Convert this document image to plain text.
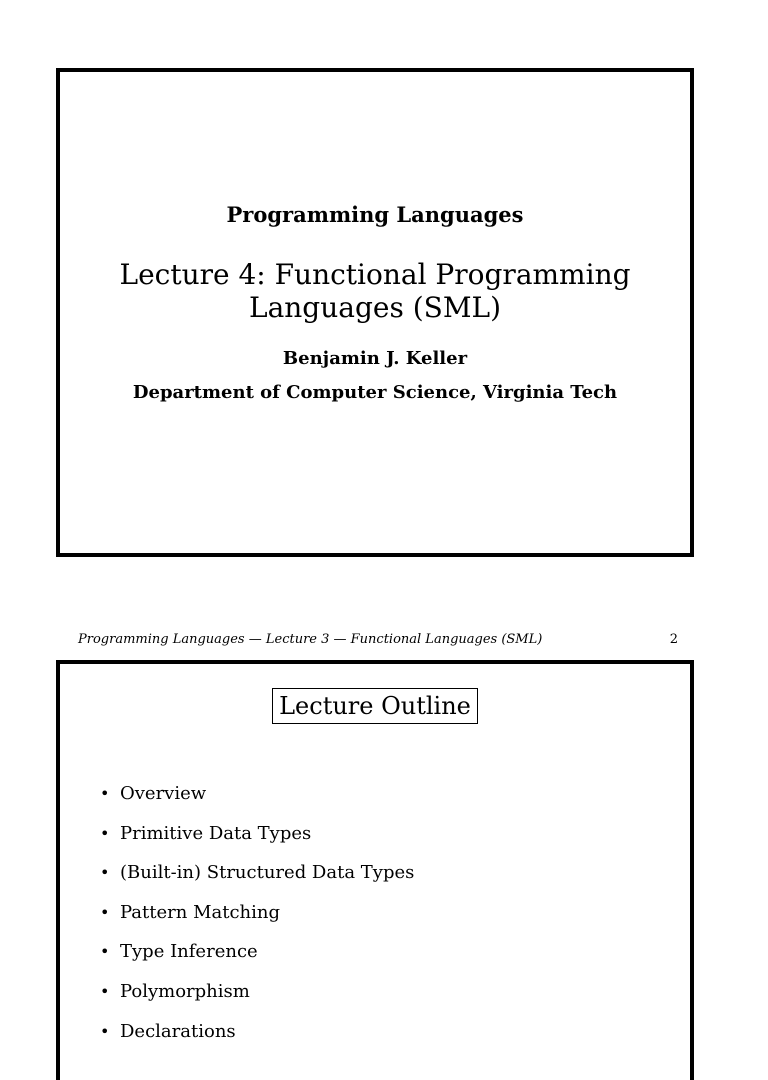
Programming Languages
Lecture 4: Functional Programming Languages (SML)
Benjamin J. Keller
Department of Computer Science, Virginia Tech
Programming Languages — Lecture 3 — Functional Languages (SML)	2
Lecture Outline
• Overview
• Primitive Data Types
• (Built-in) Structured Data Types
• Pattern Matching
• Type Inference
• Polymorphism
• Declarations
